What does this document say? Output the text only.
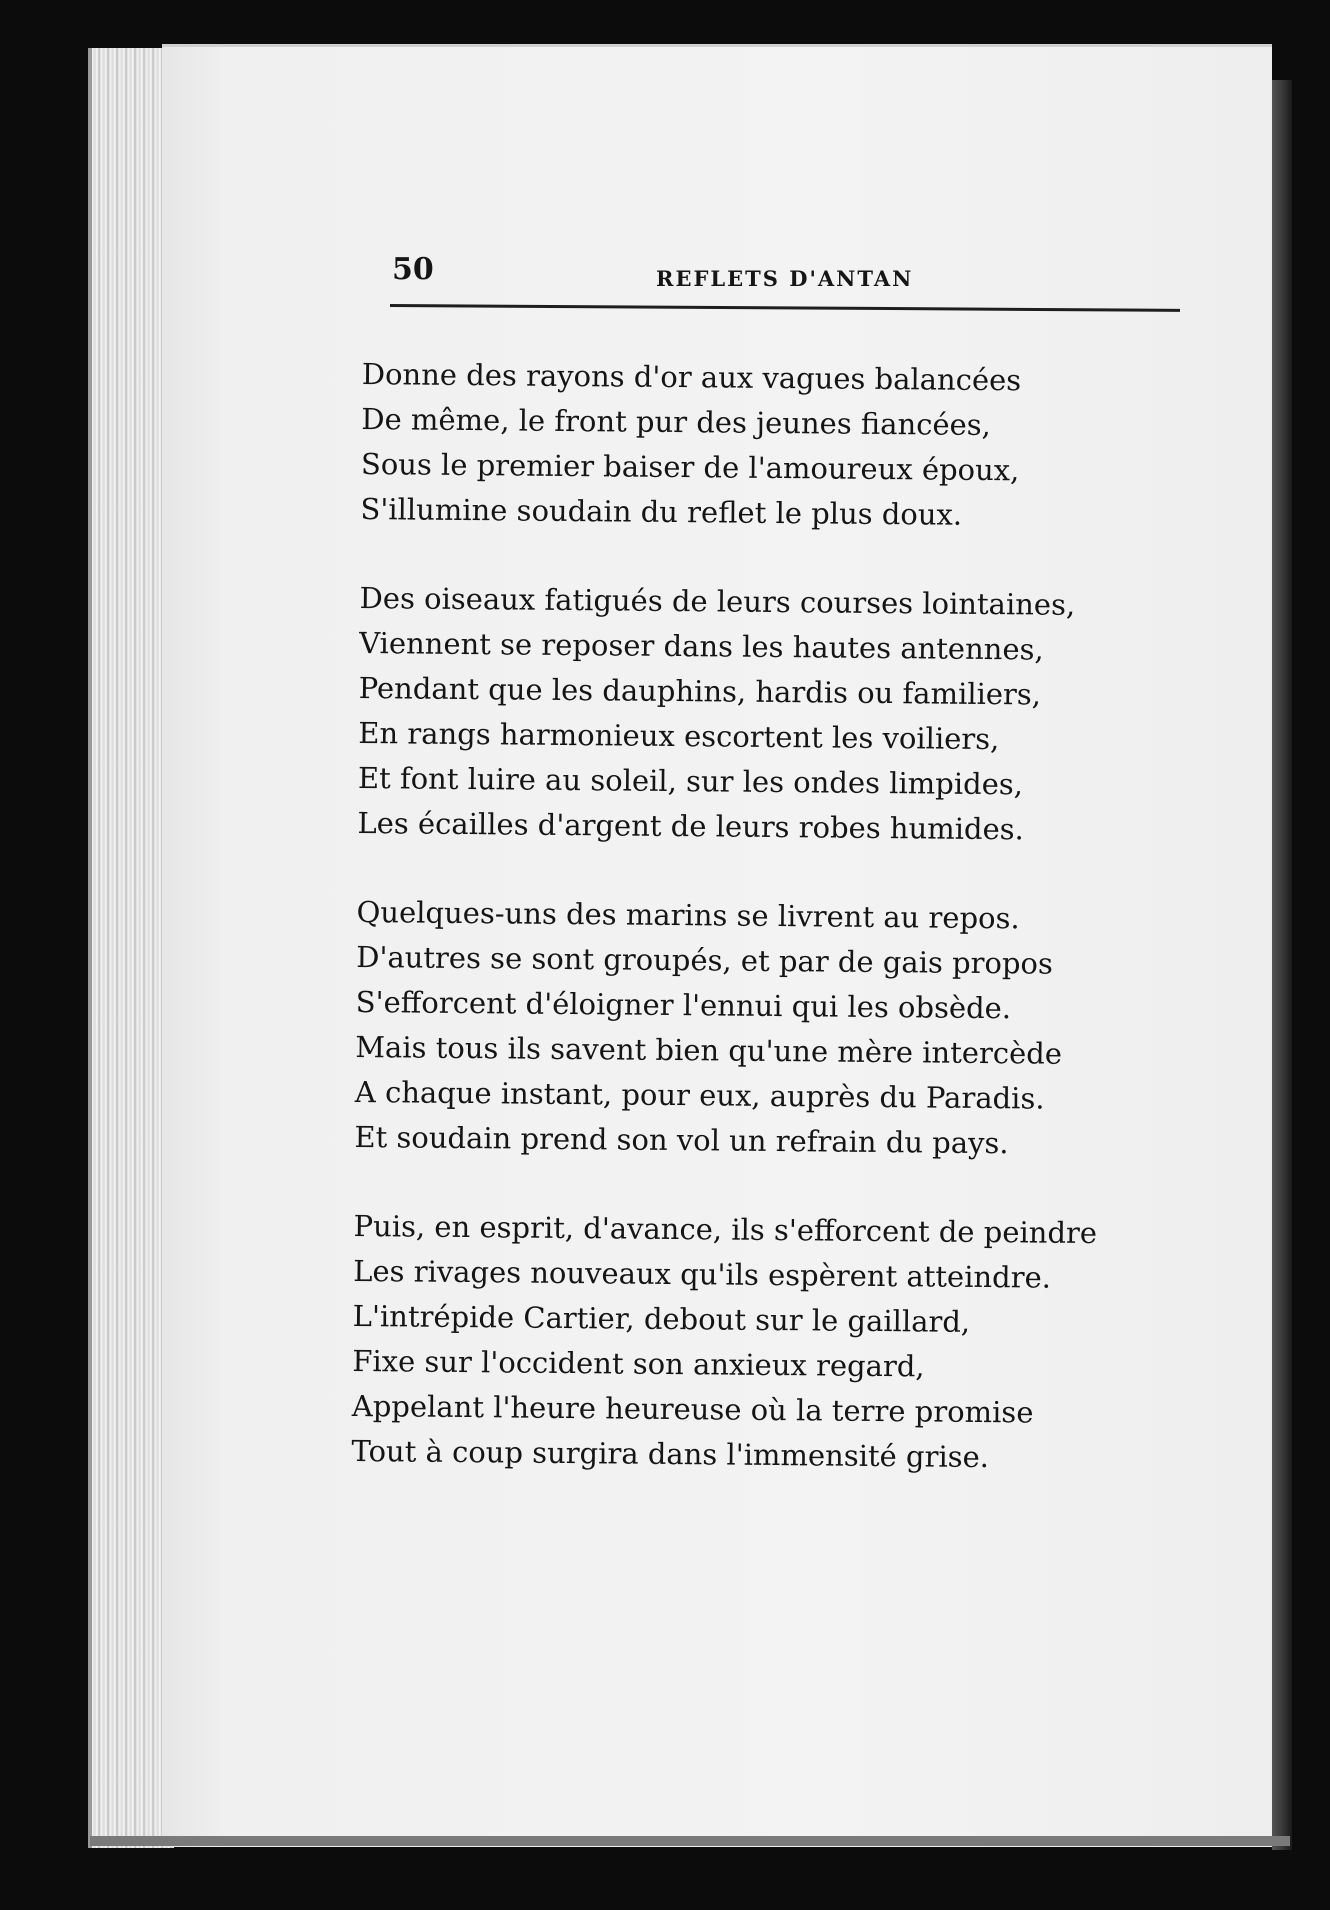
50	REFLETS D'ANTAN
Donne des rayons d'or aux vagues balancées
De même, le front pur des jeunes fiancées,
Sous le premier baiser de l'amoureux époux,
S'illumine soudain du reflet le plus doux.
Des oiseaux fatigués de leurs courses lointaines,
Viennent se reposer dans les hautes antennes,
Pendant que les dauphins, hardis ou familiers,
En rangs harmonieux escortent les voiliers,
Et font luire au soleil, sur les ondes limpides,
Les écailles d'argent de leurs robes humides.
Quelques-uns des marins se livrent au repos.
D'autres se sont groupés, et par de gais propos
S'efforcent d'éloigner l'ennui qui les obsède.
Mais tous ils savent bien qu'une mère intercède
A chaque instant, pour eux, auprès du Paradis.
Et soudain prend son vol un refrain du pays.
Puis, en esprit, d'avance, ils s'efforcent de peindre
Les rivages nouveaux qu'ils espèrent atteindre.
L'intrépide Cartier, debout sur le gaillard,
Fixe sur l'occident son anxieux regard,
Appelant l'heure heureuse où la terre promise
Tout à coup surgira dans l'immensité grise.
